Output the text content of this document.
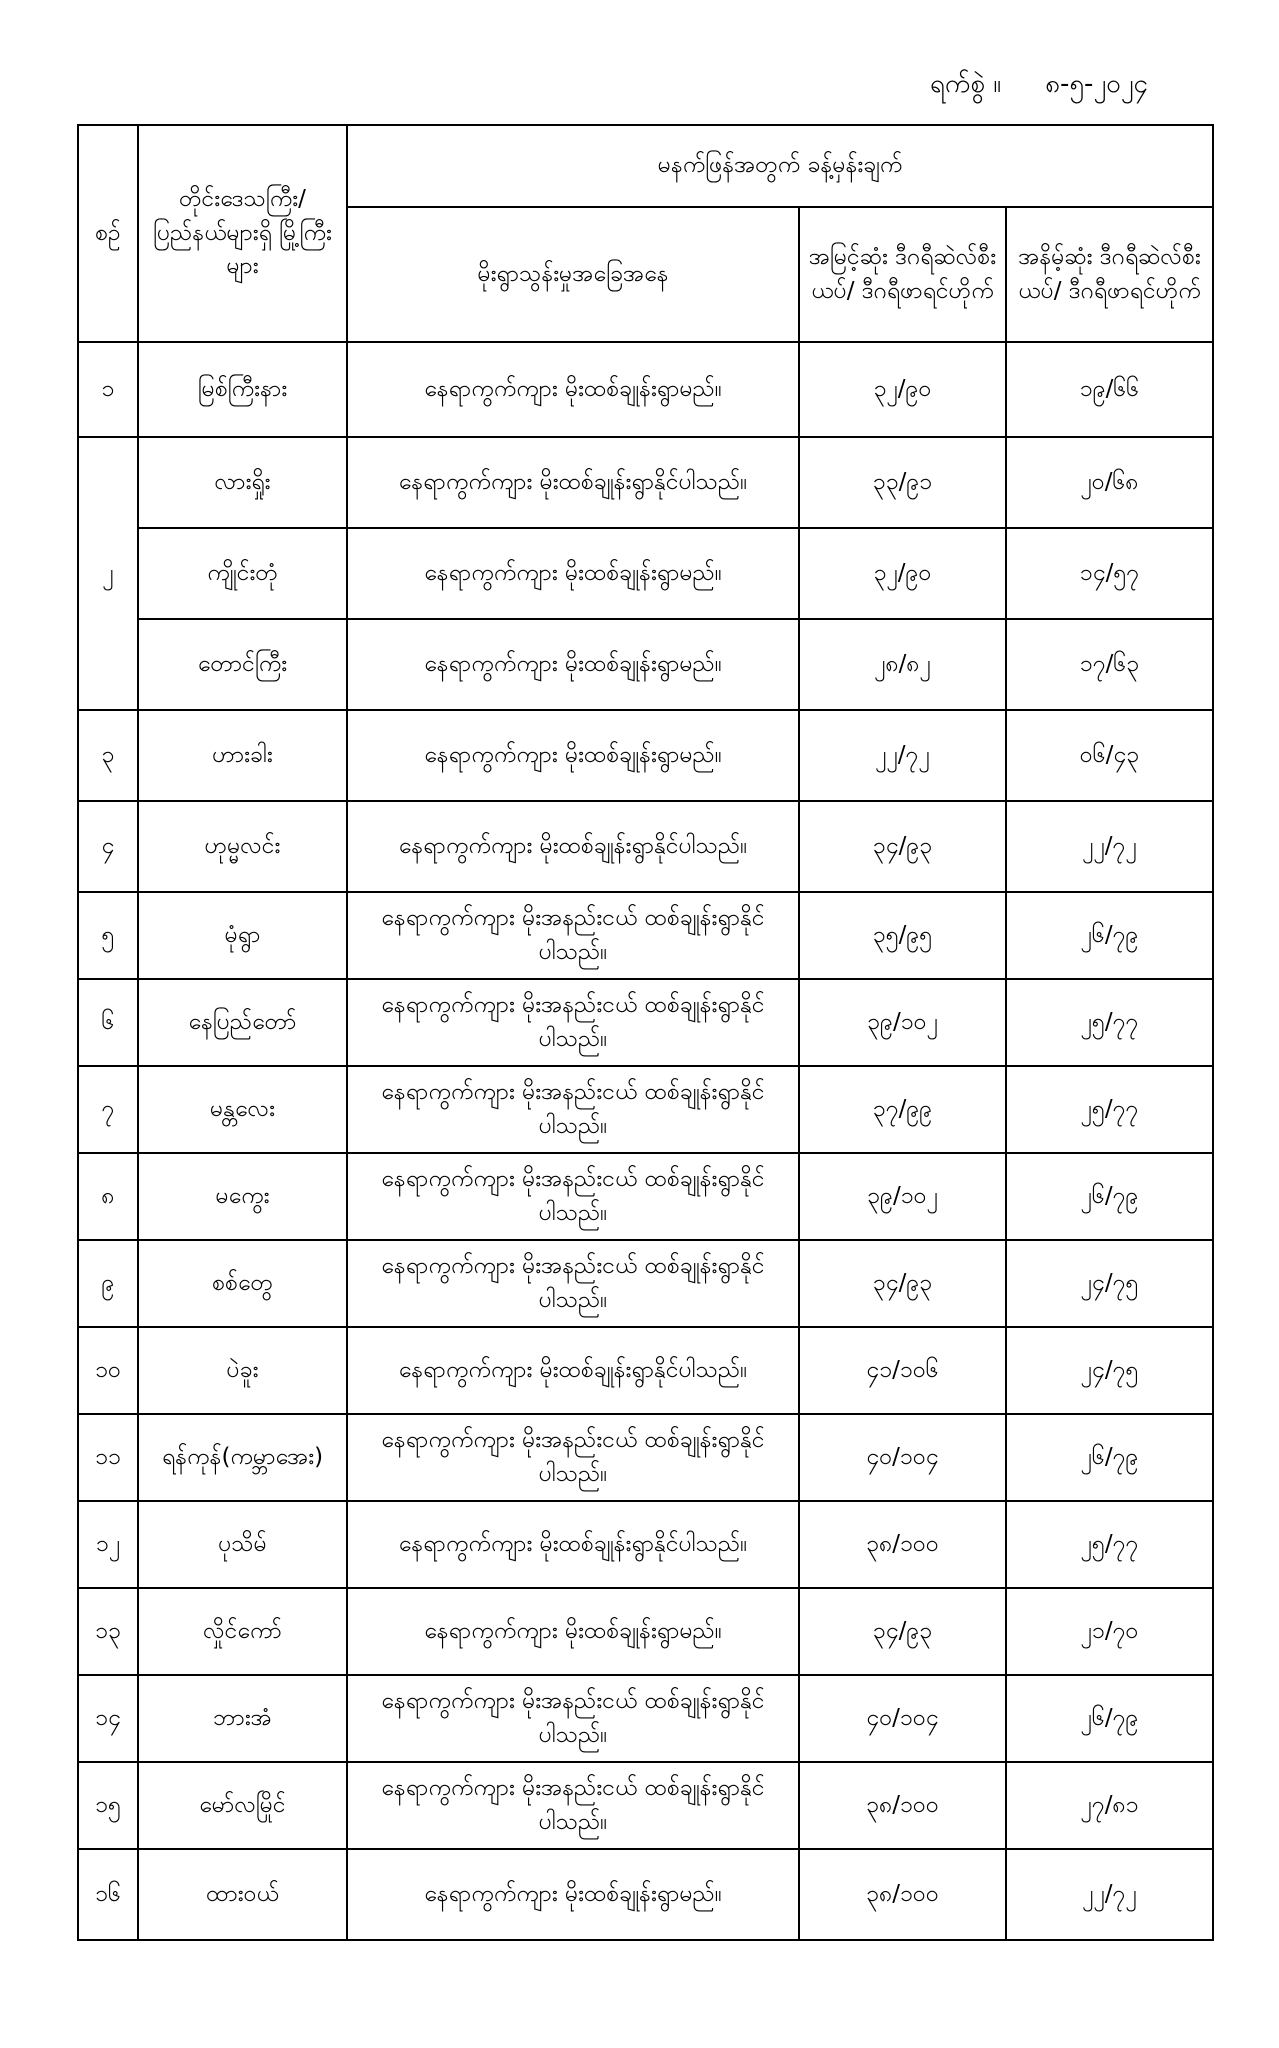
ရက်စွဲ ။ ၈-၅-၂၀၂၄
စဉ်	တိုင်းဒေသကြီး/ပြည်နယ်များရှိ မြို့ကြီးများ	မနက်ဖြန်အတွက် ခန့်မှန်းချက်		
		မိုးရွာသွန်းမှုအခြေအနေ	အမြင့်ဆုံး ဒီဂရီဆဲလ်စီးယပ်/ ဒီဂရီဖာရင်ဟိုက်	အနိမ့်ဆုံး ဒီဂရီဆဲလ်စီးယပ်/ ဒီဂရီဖာရင်ဟိုက်
၁	မြစ်ကြီးနား	နေရာကွက်ကျား မိုးထစ်ချုန်းရွာမည်။	၃၂/၉၀	၁၉/၆၆
	လားရှိုး	နေရာကွက်ကျား မိုးထစ်ချုန်းရွာနိုင်ပါသည်။	၃၃/၉၁	၂၀/၆၈
၂	ကျိုင်းတုံ	နေရာကွက်ကျား မိုးထစ်ချုန်းရွာမည်။	၃၂/၉၀	၁၄/၅၇
	တောင်ကြီး	နေရာကွက်ကျား မိုးထစ်ချုန်းရွာမည်။	၂၈/၈၂	၁၇/၆၃
၃	ဟားခါး	နေရာကွက်ကျား မိုးထစ်ချုန်းရွာမည်။	၂၂/၇၂	၀၆/၄၃
၄	ဟုမ္မလင်း	နေရာကွက်ကျား မိုးထစ်ချုန်းရွာနိုင်ပါသည်။	၃၄/၉၃	၂၂/၇၂
၅	မုံရွာ	နေရာကွက်ကျား မိုးအနည်းငယ် ထစ်ချုန်းရွာနိုင်ပါသည်။	၃၅/၉၅	၂၆/၇၉
၆	နေပြည်တော်	နေရာကွက်ကျား မိုးအနည်းငယ် ထစ်ချုန်းရွာနိုင်ပါသည်။	၃၉/၁၀၂	၂၅/၇၇
၇	မန္တလေး	နေရာကွက်ကျား မိုးအနည်းငယ် ထစ်ချုန်းရွာနိုင်ပါသည်။	၃၇/၉၉	၂၅/၇၇
၈	မကွေး	နေရာကွက်ကျား မိုးအနည်းငယ် ထစ်ချုန်းရွာနိုင်ပါသည်။	၃၉/၁၀၂	၂၆/၇၉
၉	စစ်တွေ	နေရာကွက်ကျား မိုးအနည်းငယ် ထစ်ချုန်းရွာနိုင်ပါသည်။	၃၄/၉၃	၂၄/၇၅
၁၀	ပဲခူး	နေရာကွက်ကျား မိုးထစ်ချုန်းရွာနိုင်ပါသည်။	၄၁/၁၀၆	၂၄/၇၅
၁၁	ရန်ကုန်(ကမ္ဘာအေး)	နေရာကွက်ကျား မိုးအနည်းငယ် ထစ်ချုန်းရွာနိုင်ပါသည်။	၄၀/၁၀၄	၂၆/၇၉
၁၂	ပုသိမ်	နေရာကွက်ကျား မိုးထစ်ချုန်းရွာနိုင်ပါသည်။	၃၈/၁၀၀	၂၅/၇၇
၁၃	လှိုင်ကော်	နေရာကွက်ကျား မိုးထစ်ချုန်းရွာမည်။	၃၄/၉၃	၂၁/၇၀
၁၄	ဘားအံ	နေရာကွက်ကျား မိုးအနည်းငယ် ထစ်ချုန်းရွာနိုင်ပါသည်။	၄၀/၁၀၄	၂၆/၇၉
၁၅	မော်လမြိုင်	နေရာကွက်ကျား မိုးအနည်းငယ် ထစ်ချုန်းရွာနိုင်ပါသည်။	၃၈/၁၀၀	၂၇/၈၁
၁၆	ထားဝယ်	နေရာကွက်ကျား မိုးထစ်ချုန်းရွာမည်။	၃၈/၁၀၀	၂၂/၇၂
